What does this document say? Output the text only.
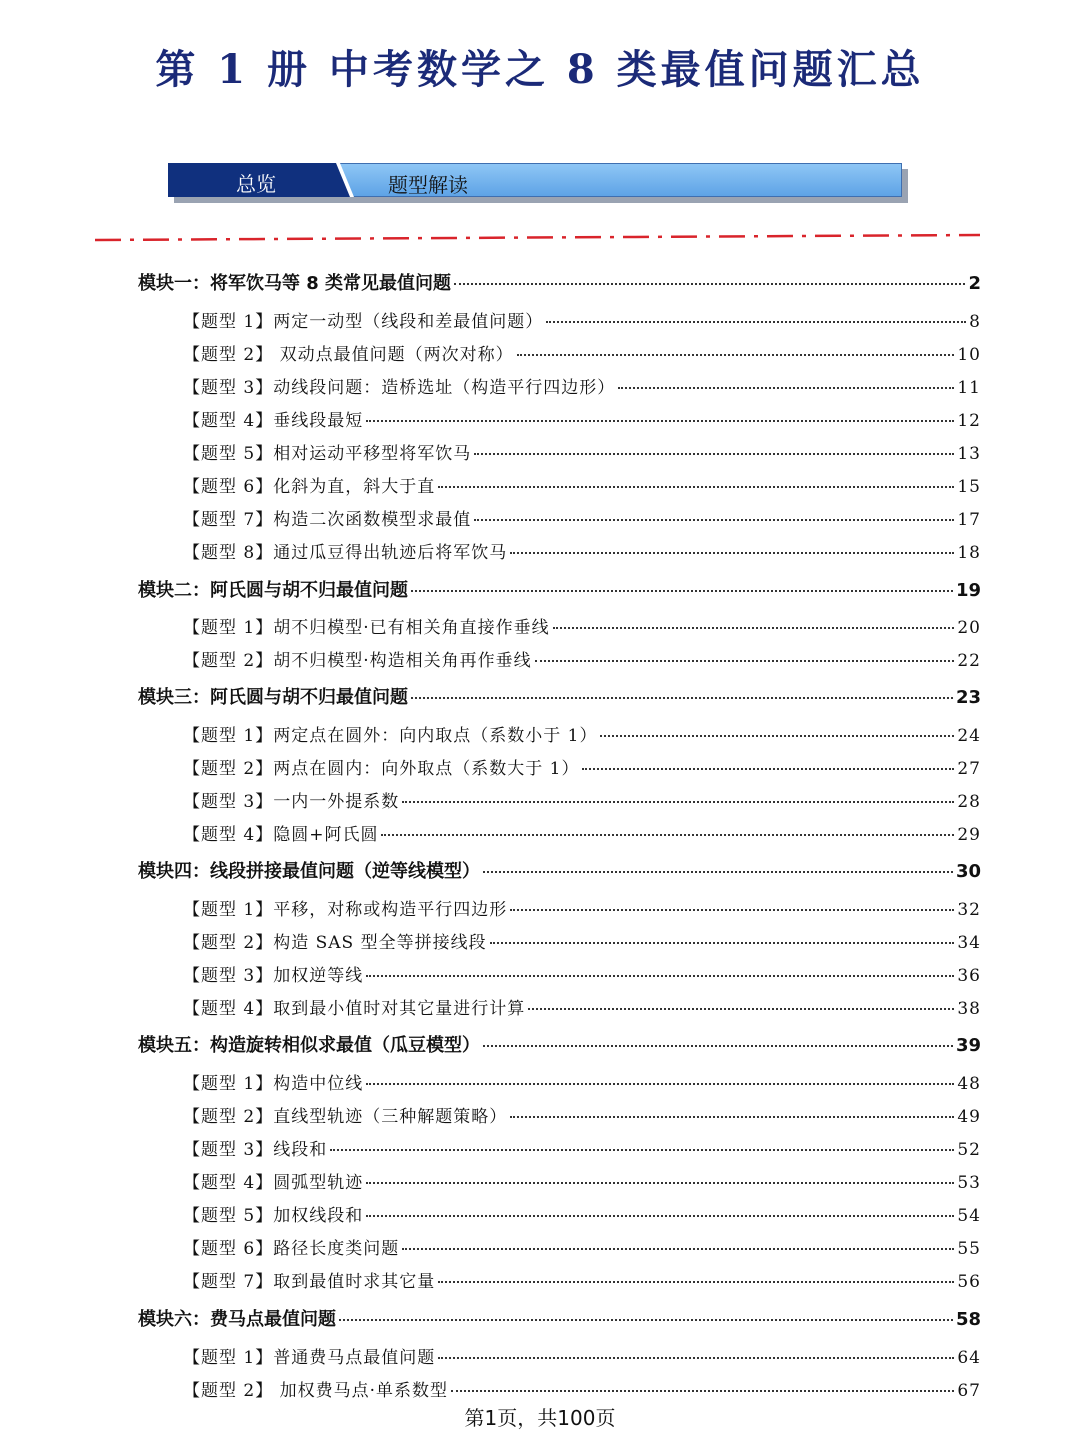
第 1 册 中考数学之 8 类最值问题汇总
总览	题型解读
模块一：将军饮马等 8 类常见最值问题	2
【题型 1】两定一动型（线段和差最值问题）	8
【题型 2】 双动点最值问题（两次对称）	10
【题型 3】动线段问题：造桥选址（构造平行四边形）	11
【题型 4】垂线段最短	12
【题型 5】相对运动平移型将军饮马	13
【题型 6】化斜为直，斜大于直	15
【题型 7】构造二次函数模型求最值	17
【题型 8】通过瓜豆得出轨迹后将军饮马	18
模块二：阿氏圆与胡不归最值问题	19
【题型 1】胡不归模型·已有相关角直接作垂线	20
【题型 2】胡不归模型·构造相关角再作垂线	22
模块三：阿氏圆与胡不归最值问题	23
【题型 1】两定点在圆外：向内取点（系数小于 1）	24
【题型 2】两点在圆内：向外取点（系数大于 1）	27
【题型 3】一内一外提系数	28
【题型 4】隐圆+阿氏圆	29
模块四：线段拼接最值问题（逆等线模型）	30
【题型 1】平移，对称或构造平行四边形	32
【题型 2】构造 SAS 型全等拼接线段	34
【题型 3】加权逆等线	36
【题型 4】取到最小值时对其它量进行计算	38
模块五：构造旋转相似求最值（瓜豆模型）	39
【题型 1】构造中位线	48
【题型 2】直线型轨迹（三种解题策略）	49
【题型 3】线段和	52
【题型 4】圆弧型轨迹	53
【题型 5】加权线段和	54
【题型 6】路径长度类问题	55
【题型 7】取到最值时求其它量	56
模块六：费马点最值问题	58
【题型 1】普通费马点最值问题	64
【题型 2】 加权费马点·单系数型	67
第1页，共100页
